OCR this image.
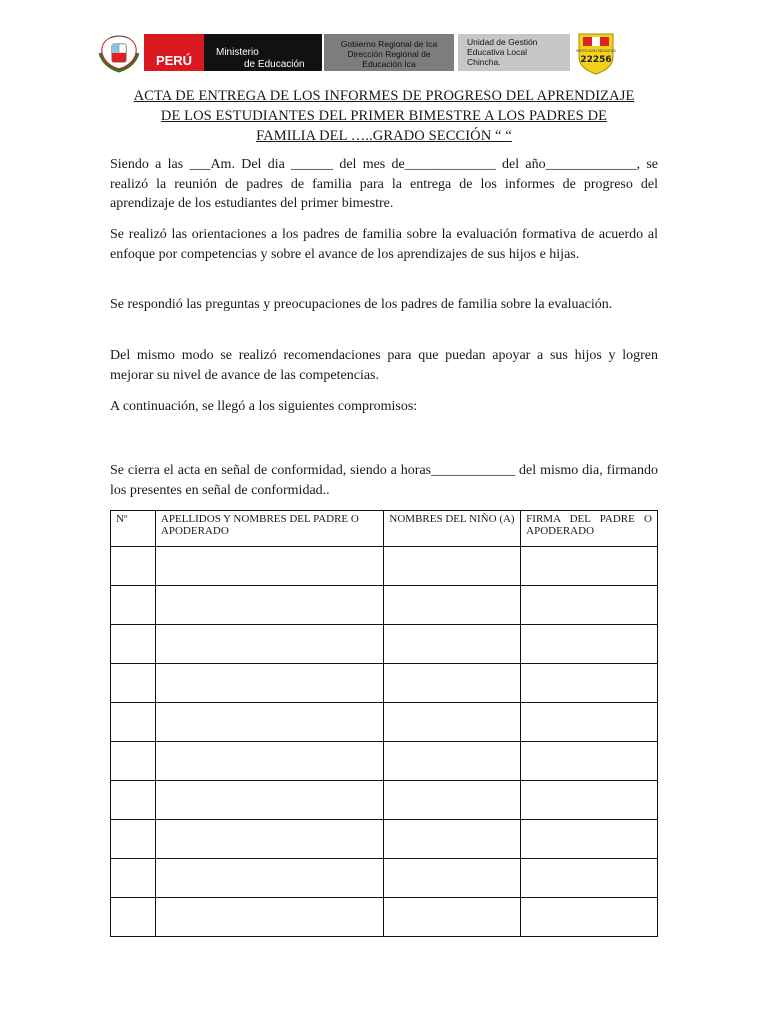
PERÚ
Ministerio
de Educación
Gobierno Regional de Ica
Dirección Regional de
Educación Ica
Unidad de Gestión
Educativa Local
Chincha.
INSTITUCIÓN EDUCATIVA
22256
ACTA DE ENTREGA DE LOS INFORMES DE PROGRESO DEL APRENDIZAJE
DE LOS ESTUDIANTES DEL PRIMER BIMESTRE A LOS PADRES DE
FAMILIA DEL …..GRADO SECCIÓN “ “

Siendo a las ___Am. Del dia ______ del mes de_____________ del año_____________, se realizó la reunión de padres de familia para la entrega de los informes de progreso del aprendizaje de los estudiantes del primer bimestre.

Se realizó las orientaciones a los padres de familia sobre la evaluación formativa de acuerdo al enfoque por competencias y sobre el avance de los aprendizajes de sus hijos e hijas.

Se respondió las preguntas y preocupaciones de los padres de familia sobre la evaluación.

Del mismo modo se realizó recomendaciones para que puedan apoyar a sus hijos y logren mejorar su nivel de avance de las competencias.

A continuación, se llegó a los siguientes compromisos:

Se cierra el acta en señal de conformidad, siendo a horas____________ del mismo dia, firmando los presentes en señal de conformidad..

Nº	APELLIDOS Y NOMBRES DEL PADRE O APODERADO	NOMBRES DEL NIÑO (A)	FIRMA DEL PADRE O APODERADO
